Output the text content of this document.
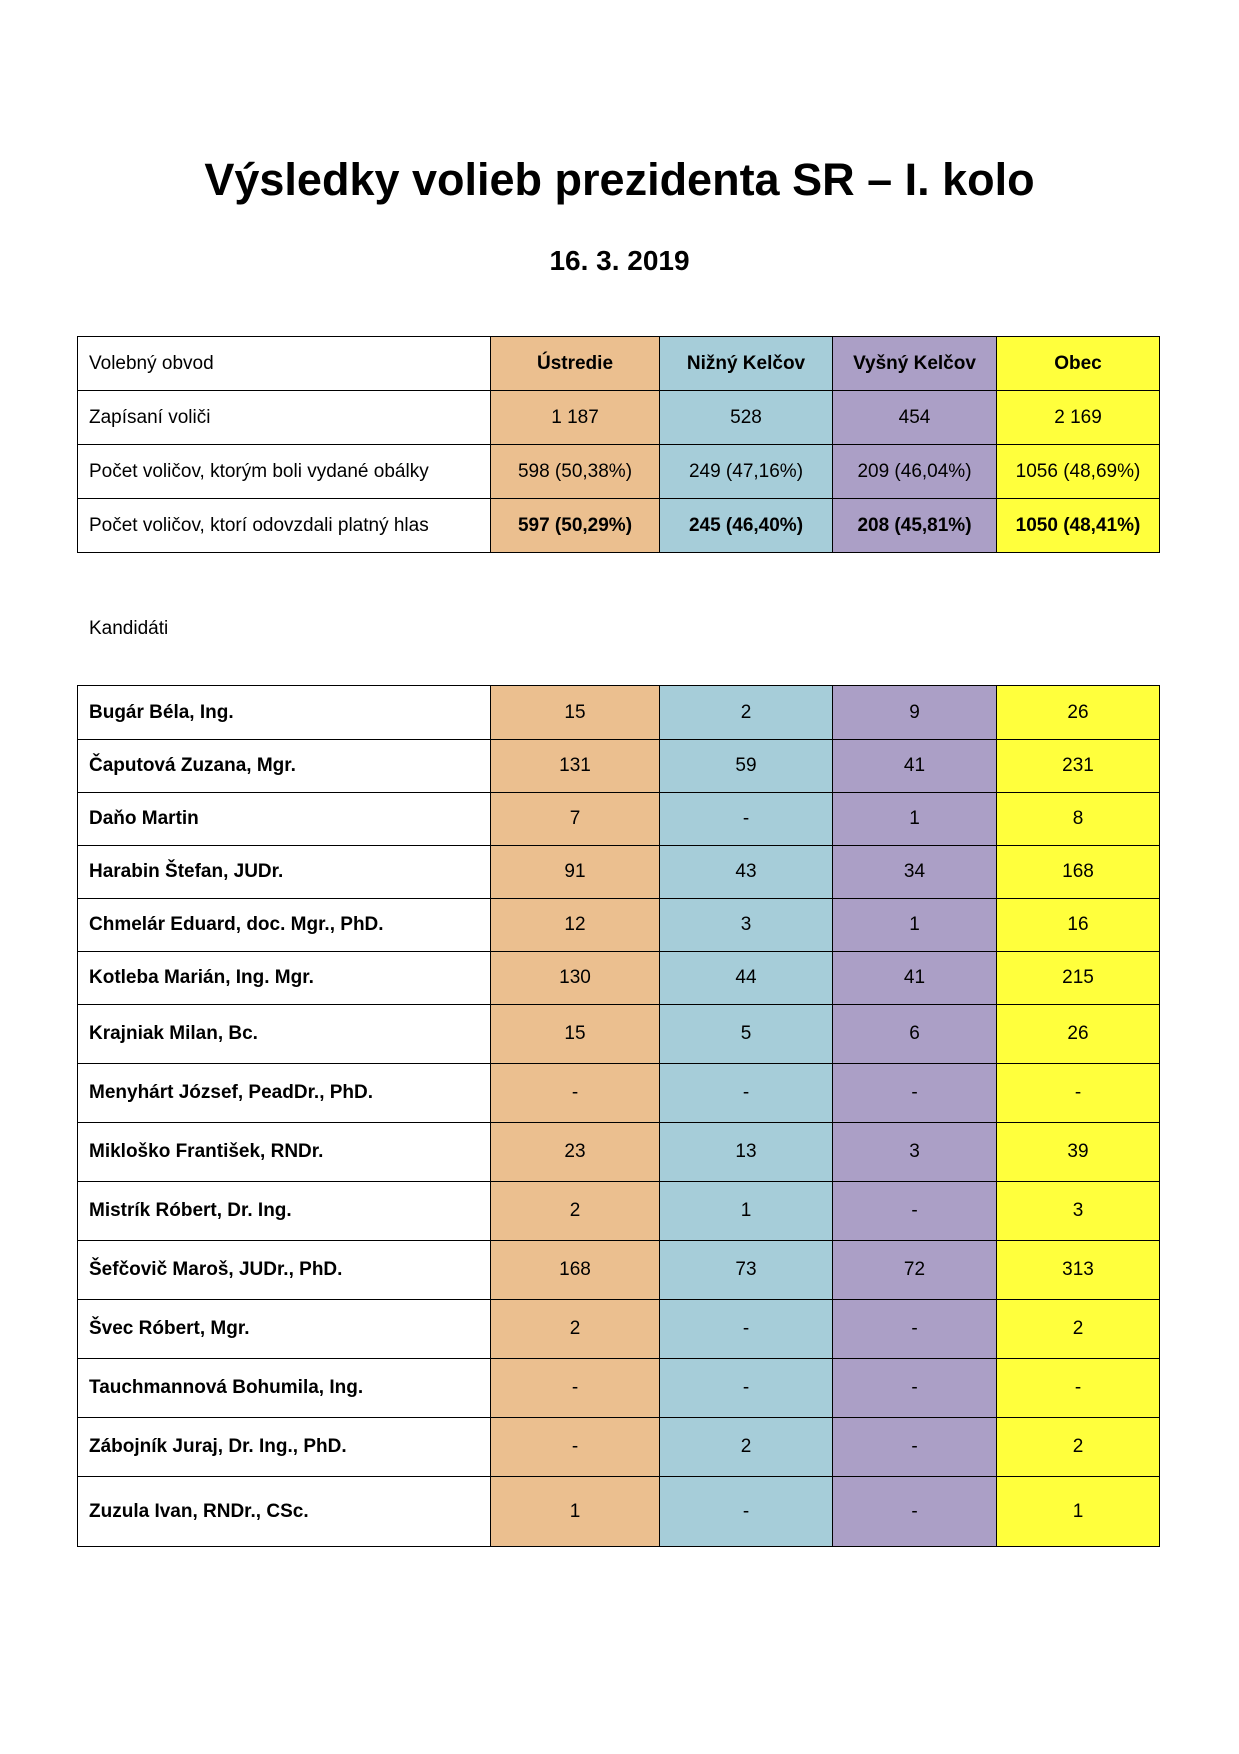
Výsledky volieb prezidenta SR – I. kolo
16. 3. 2019
Volebný obvod	Ústredie	Nižný Kelčov	Vyšný Kelčov	Obec
Zapísaní voliči	1 187	528	454	2 169
Počet voličov, ktorým boli vydané obálky	598 (50,38%)	249 (47,16%)	209 (46,04%)	1056 (48,69%)
Počet voličov, ktorí odovzdali platný hlas	597 (50,29%)	245 (46,40%)	208 (45,81%)	1050 (48,41%)
Kandidáti
Bugár Béla, Ing.	15	2	9	26
Čaputová Zuzana, Mgr.	131	59	41	231
Daňo Martin	7	-	1	8
Harabin Štefan, JUDr.	91	43	34	168
Chmelár Eduard, doc. Mgr., PhD.	12	3	1	16
Kotleba Marián, Ing. Mgr.	130	44	41	215
Krajniak Milan, Bc.	15	5	6	26
Menyhárt József, PeadDr., PhD.	-	-	-	-
Mikloško František, RNDr.	23	13	3	39
Mistrík Róbert, Dr. Ing.	2	1	-	3
Šefčovič Maroš, JUDr., PhD.	168	73	72	313
Švec Róbert, Mgr.	2	-	-	2
Tauchmannová Bohumila, Ing.	-	-	-	-
Zábojník Juraj, Dr. Ing., PhD.	-	2	-	2
Zuzula Ivan, RNDr., CSc.	1	-	-	1
